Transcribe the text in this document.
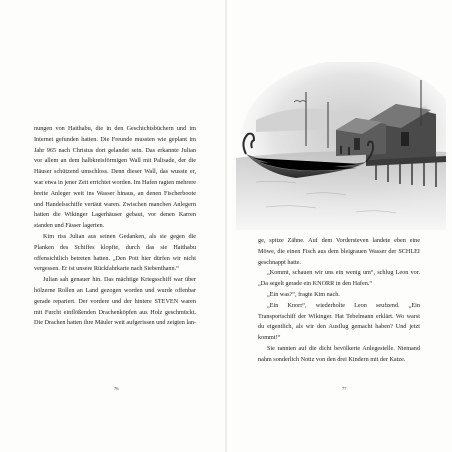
nungen von Haithabu, die in den Geschichtsbüchern und im Internet gefunden hatten. Die Freunde mussten wie geplant im Jahr 965 nach Christus dort gelandet sein. Das erkannte Julian vor allem an dem halbkreisförmigen Wall mit Palisade, der die Häuser schützend umschloss. Denn dieser Wall, das wusste er, war etwa in jener Zeit errichtet worden. Im Hafen ragten mehrere breite Anleger weit ins Wasser hinaus, an denen Fischerboote und Handelsschiffe vertäut waren. Zwischen manchen Anlegern hatten die Wikinger Lagerhäuser gebaut, vor denen Karren standen und Fässer lagerten.

Kim riss Julian aus seinen Gedanken, als sie gegen die Planken des Schiffes klopfte, durch das sie Haithabu offensichtlich betreten hatten. „Den Pott hier dürfen wir nicht vergessen. Er ist unsere Rückfahrkarte nach Siebenthann.“

Julian sah genauer hin. Das mächtige Kriegsschiff war über hölzerne Rollen an Land gezogen worden und wurde offenbar gerade repariert. Der vordere und der hintere STEVEN waren mit Furcht einflößenden Drachenköpfen aus Holz geschmückt. Die Drachen hatten ihre Mäuler weit aufgerissen und zeigten lan-

76

ge, spitze Zähne. Auf dem Vordersteven landete eben eine Möwe, die einen Fisch aus dem bleigrauen Wasser der SCHLEI geschnappt hatte.

„Kommt, schauen wir uns ein wenig um“, schlug Leon vor. „Da segelt gerade ein KNORR in den Hafen.“

„Ein was?“, fragte Kim nach.

„Ein Knorr“, wiederholte Leon seufzend. „Ein Transportschiff der Wikinger. Hat Tebelmann erklärt. Wo warst du eigentlich, als wir den Ausflug gemacht haben? Und jetzt kommt!“

Sie rannten auf die dicht bevölkerte Anlegestelle. Niemand nahm sonderlich Notiz von den drei Kindern mit der Katze.

77
